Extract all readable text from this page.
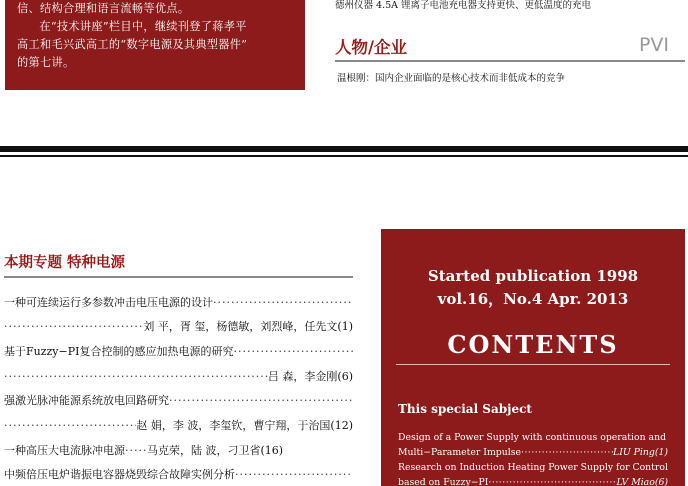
信、结构合理和语言流畅等优点。

在“技术讲座”栏目中，继续刊登了蒋孝平

高工和毛兴武高工的“数字电源及其典型器件”

的第七讲。

德州仪器 4.5A 锂离子电池充电器支持更快、更低温度的充电
人物/企业	PVI
温根刚：国内企业面临的是核心技术而非低成本的竞争
本期专题 特种电源
一种可连续运行多参数冲击电压电源的设计
·····
·····
刘 平，胥 玺，杨德敏，刘烈峰，任先文(1)
基于Fuzzy−PI复合控制的感应加热电源的研究
·····
·····
吕 森，李金刚(6)
强激光脉冲能源系统放电回路研究
·····
·····
赵 娟，李 波，李玺钦，曹宁翔，于治国(12)
一种高压大电流脉冲电源 ····· 马克荣，陆 波，刁卫省(16)
中频倍压电炉谐振电容器烧毁综合故障实例分析
·····
Started publication 1998
vol.16，No.4 Apr. 2013
CONTENTS
This special Sabject
Design of a Power Supply with continuous operation and
Multi−Parameter Impulse ·····	LIU Ping(1)
Research on Induction Heating Power Supply for Control
based on Fuzzy−PI ·····	LV Miao(6)
